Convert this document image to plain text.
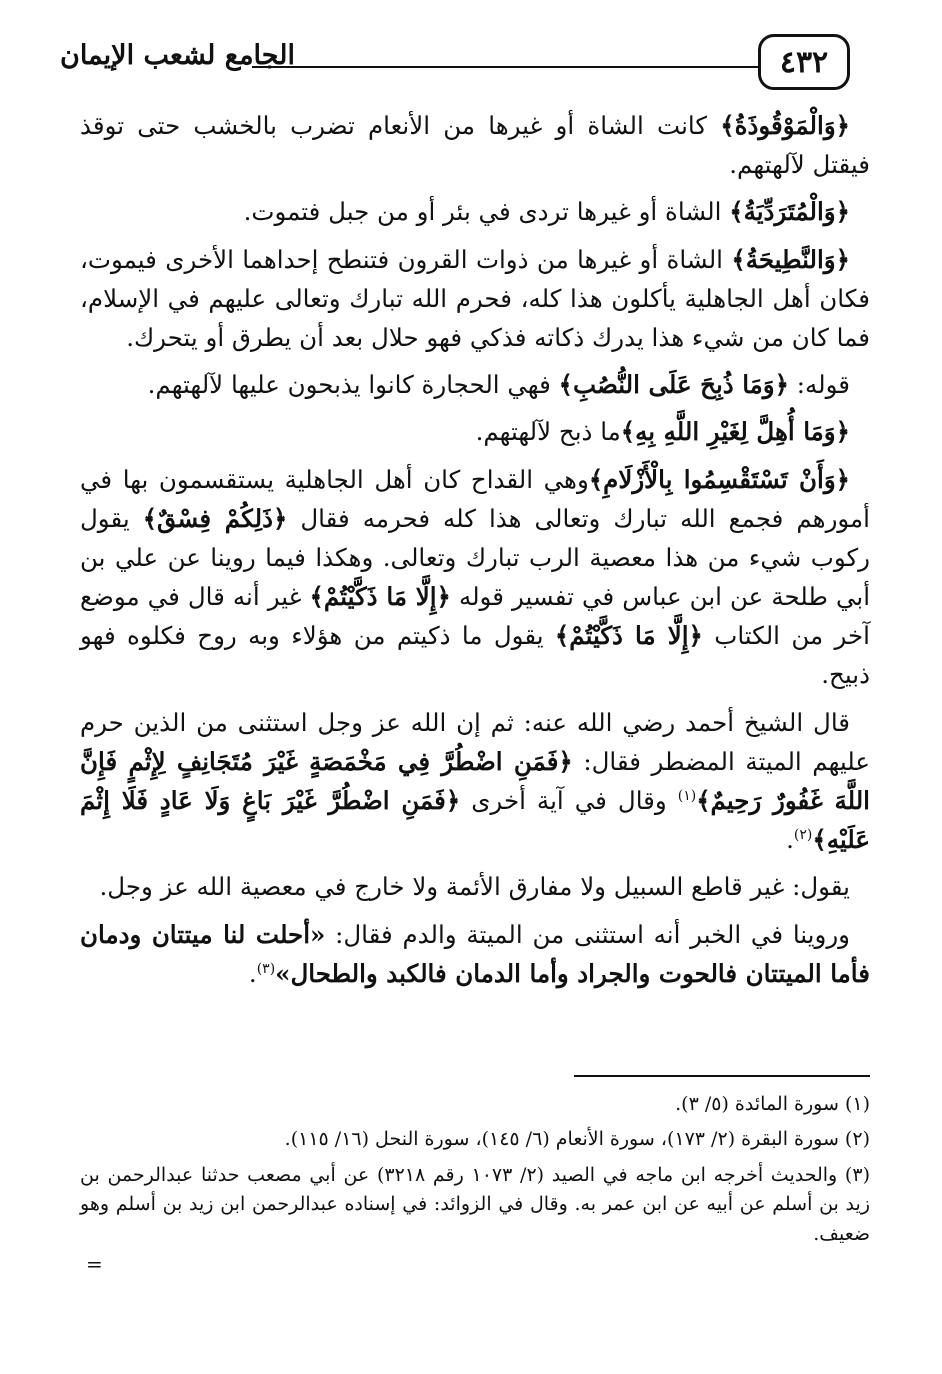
٤٣٢
الجامع لشعب الإيمان

﴿وَالْمَوْقُوذَةُ﴾ كانت الشاة أو غيرها من الأنعام تضرب بالخشب حتى توقذ فيقتل لآلهتهم.

﴿وَالْمُتَرَدِّيَةُ﴾ الشاة أو غيرها تردى في بئر أو من جبل فتموت.

﴿وَالنَّطِيحَةُ﴾ الشاة أو غيرها من ذوات القرون فتنطح إحداهما الأخرى فيموت، فكان أهل الجاهلية يأكلون هذا كله، فحرم الله تبارك وتعالى عليهم في الإسلام، فما كان من شيء هذا يدرك ذكاته فذكي فهو حلال بعد أن يطرق أو يتحرك.

قوله: ﴿وَمَا ذُبِحَ عَلَى النُّصُبِ﴾ فهي الحجارة كانوا يذبحون عليها لآلهتهم.

﴿وَمَا أُهِلَّ لِغَيْرِ اللَّهِ بِهِ﴾ما ذبح لآلهتهم.

﴿وَأَنْ تَسْتَقْسِمُوا بِالْأَزْلَامِ﴾وهي القداح كان أهل الجاهلية يستقسمون بها في أمورهم فجمع الله تبارك وتعالى هذا كله فحرمه فقال ﴿ذَلِكُمْ فِسْقٌ﴾ يقول ركوب شيء من هذا معصية الرب تبارك وتعالى. وهكذا فيما روينا عن علي بن أبي طلحة عن ابن عباس في تفسير قوله ﴿إِلَّا مَا ذَكَّيْتُمْ﴾ غير أنه قال في موضع آخر من الكتاب ﴿إِلَّا مَا ذَكَّيْتُمْ﴾ يقول ما ذكيتم من هؤلاء وبه روح فكلوه فهو ذبيح.

قال الشيخ أحمد رضي الله عنه: ثم إن الله عز وجل استثنى من الذين حرم عليهم الميتة المضطر فقال: ﴿فَمَنِ اضْطُرَّ فِي مَخْمَصَةٍ غَيْرَ مُتَجَانِفٍ لِإِثْمٍ فَإِنَّ اللَّهَ غَفُورٌ رَحِيمٌ﴾$^{(١)}$ وقال في آية أخرى ﴿فَمَنِ اضْطُرَّ غَيْرَ بَاغٍ وَلَا عَادٍ فَلَا إِثْمَ عَلَيْهِ﴾$^{(٢)}$.

يقول: غير قاطع السبيل ولا مفارق الأئمة ولا خارج في معصية الله عز وجل.

وروينا في الخبر أنه استثنى من الميتة والدم فقال: «أحلت لنا ميتتان ودمان فأما الميتتان فالحوت والجراد وأما الدمان فالكبد والطحال»$^{(٣)}$.

(١) سورة المائدة (٥/ ٣).

(٢) سورة البقرة (٢/ ١٧٣)، سورة الأنعام (٦/ ١٤٥)، سورة النحل (١٦/ ١١٥).

(٣) والحديث أخرجه ابن ماجه في الصيد (٢/ ١٠٧٣ رقم ٣٢١٨) عن أبي مصعب حدثنا عبدالرحمن بن زيد بن أسلم عن أبيه عن ابن عمر به. وقال في الزوائد: في إسناده عبدالرحمن ابن زيد بن أسلم وهو ضعيف.

=
